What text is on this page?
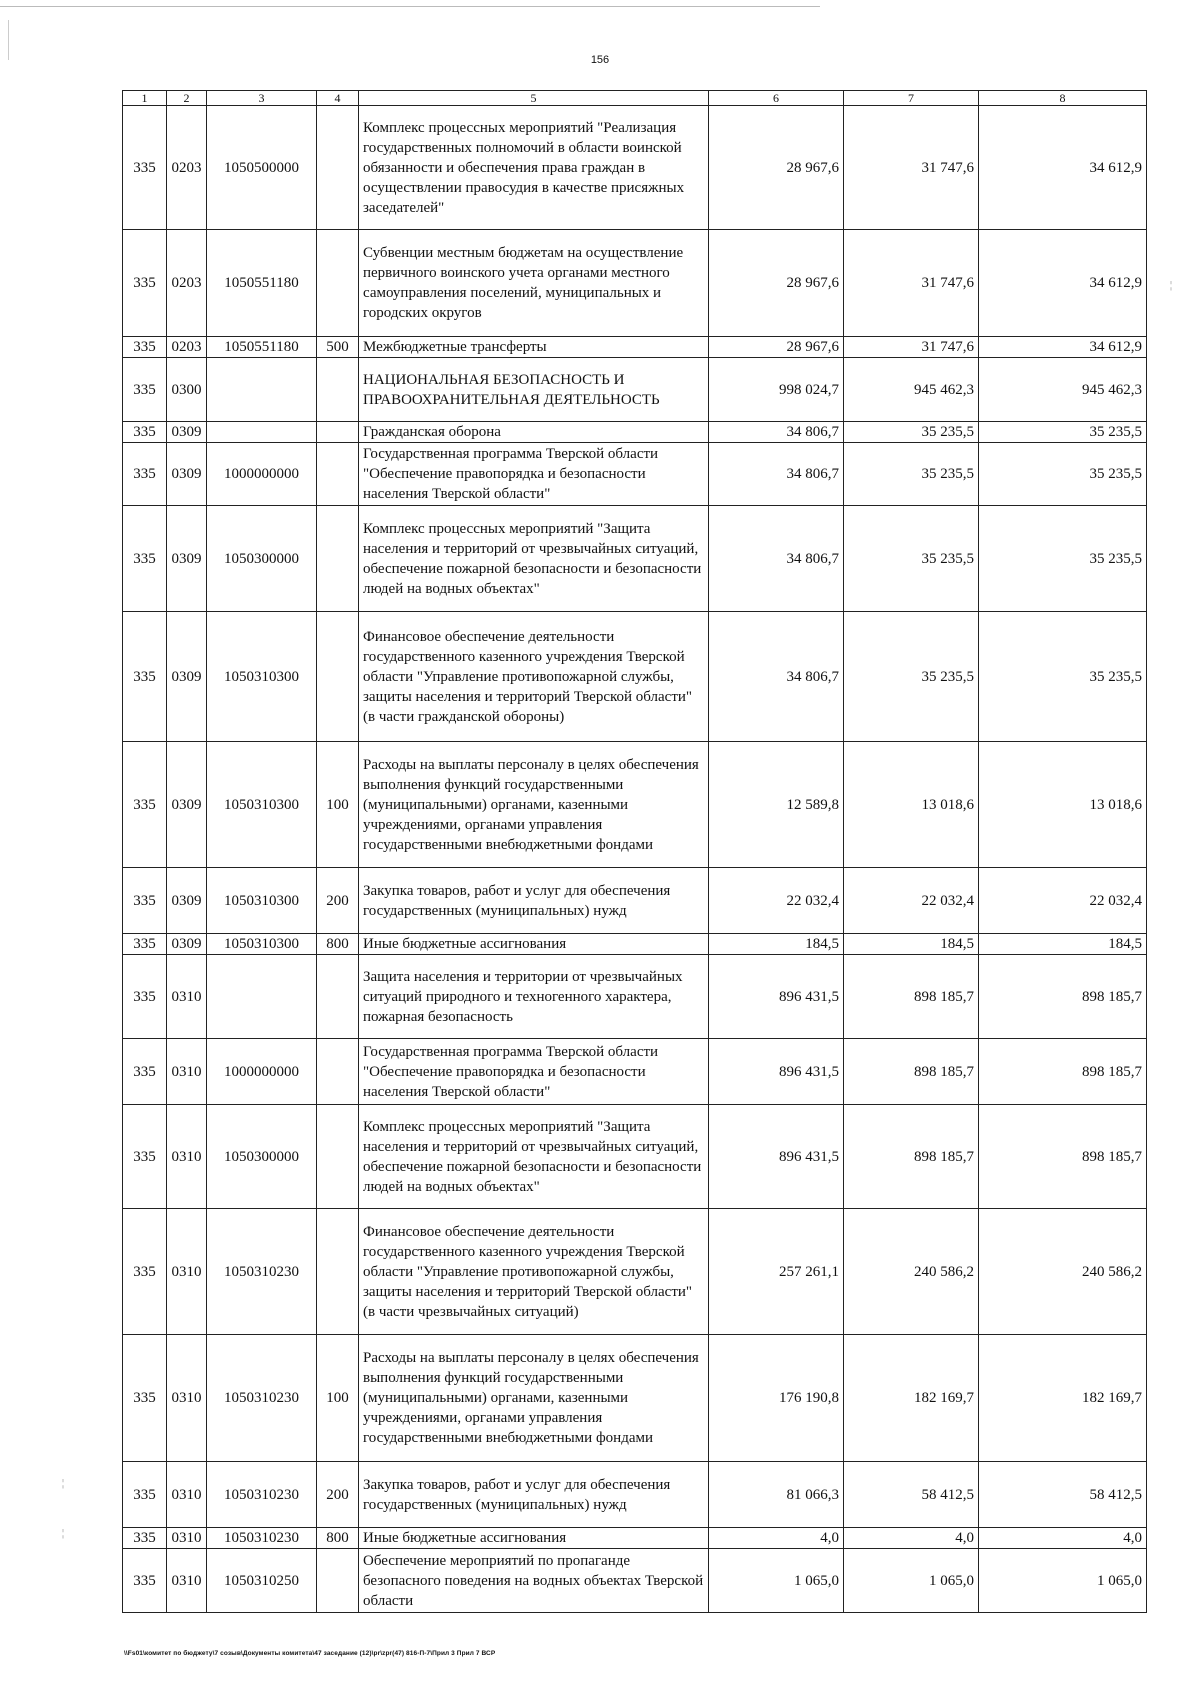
156
1	2	3	4	5	6	7	8
335	0203	1050500000		Комплекс процессных мероприятий "Реализация государственных полномочий в области воинской обязанности и обеспечения права граждан в осуществлении правосудия в качестве присяжных заседателей"	28 967,6	31 747,6	34 612,9
335	0203	1050551180		Субвенции местным бюджетам на осуществление первичного воинского учета органами местного самоуправления поселений, муниципальных и городских округов	28 967,6	31 747,6	34 612,9
335	0203	1050551180	500	Межбюджетные трансферты	28 967,6	31 747,6	34 612,9
335	0300			НАЦИОНАЛЬНАЯ БЕЗОПАСНОСТЬ И ПРАВООХРАНИТЕЛЬНАЯ ДЕЯТЕЛЬНОСТЬ	998 024,7	945 462,3	945 462,3
335	0309			Гражданская оборона	34 806,7	35 235,5	35 235,5
335	0309	1000000000		Государственная программа Тверской области "Обеспечение правопорядка и безопасности населения Тверской области"	34 806,7	35 235,5	35 235,5
335	0309	1050300000		Комплекс процессных мероприятий "Защита населения и территорий от чрезвычайных ситуаций, обеспечение пожарной безопасности и безопасности людей на водных объектах"	34 806,7	35 235,5	35 235,5
335	0309	1050310300		Финансовое обеспечение деятельности государственного казенного учреждения Тверской области "Управление противопожарной службы, защиты населения и территорий Тверской области" (в части гражданской обороны)	34 806,7	35 235,5	35 235,5
335	0309	1050310300	100	Расходы на выплаты персоналу в целях обеспечения выполнения функций государственными (муниципальными) органами, казенными учреждениями, органами управления государственными внебюджетными фондами	12 589,8	13 018,6	13 018,6
335	0309	1050310300	200	Закупка товаров, работ и услуг для обеспечения государственных (муниципальных) нужд	22 032,4	22 032,4	22 032,4
335	0309	1050310300	800	Иные бюджетные ассигнования	184,5	184,5	184,5
335	0310			Защита населения и территории от чрезвычайных ситуаций природного и техногенного характера, пожарная безопасность	896 431,5	898 185,7	898 185,7
335	0310	1000000000		Государственная программа Тверской области "Обеспечение правопорядка и безопасности населения Тверской области"	896 431,5	898 185,7	898 185,7
335	0310	1050300000		Комплекс процессных мероприятий "Защита населения и территорий от чрезвычайных ситуаций, обеспечение пожарной безопасности и безопасности людей на водных объектах"	896 431,5	898 185,7	898 185,7
335	0310	1050310230		Финансовое обеспечение деятельности государственного казенного учреждения Тверской области "Управление противопожарной службы, защиты населения и территорий Тверской области" (в части чрезвычайных ситуаций)	257 261,1	240 586,2	240 586,2
335	0310	1050310230	100	Расходы на выплаты персоналу в целях обеспечения выполнения функций государственными (муниципальными) органами, казенными учреждениями, органами управления государственными внебюджетными фондами	176 190,8	182 169,7	182 169,7
335	0310	1050310230	200	Закупка товаров, работ и услуг для обеспечения государственных (муниципальных) нужд	81 066,3	58 412,5	58 412,5
335	0310	1050310230	800	Иные бюджетные ассигнования	4,0	4,0	4,0
335	0310	1050310250		Обеспечение мероприятий по пропаганде безопасного поведения на водных объектах Тверской области	1 065,0	1 065,0	1 065,0
¦
¦
¦
\\Fs01\комитет по бюджету\7 созыв\Документы комитета\47 заседание (12)\pr\zpr(47) 816-П-7\Прил 3 Прил 7 ВСР
